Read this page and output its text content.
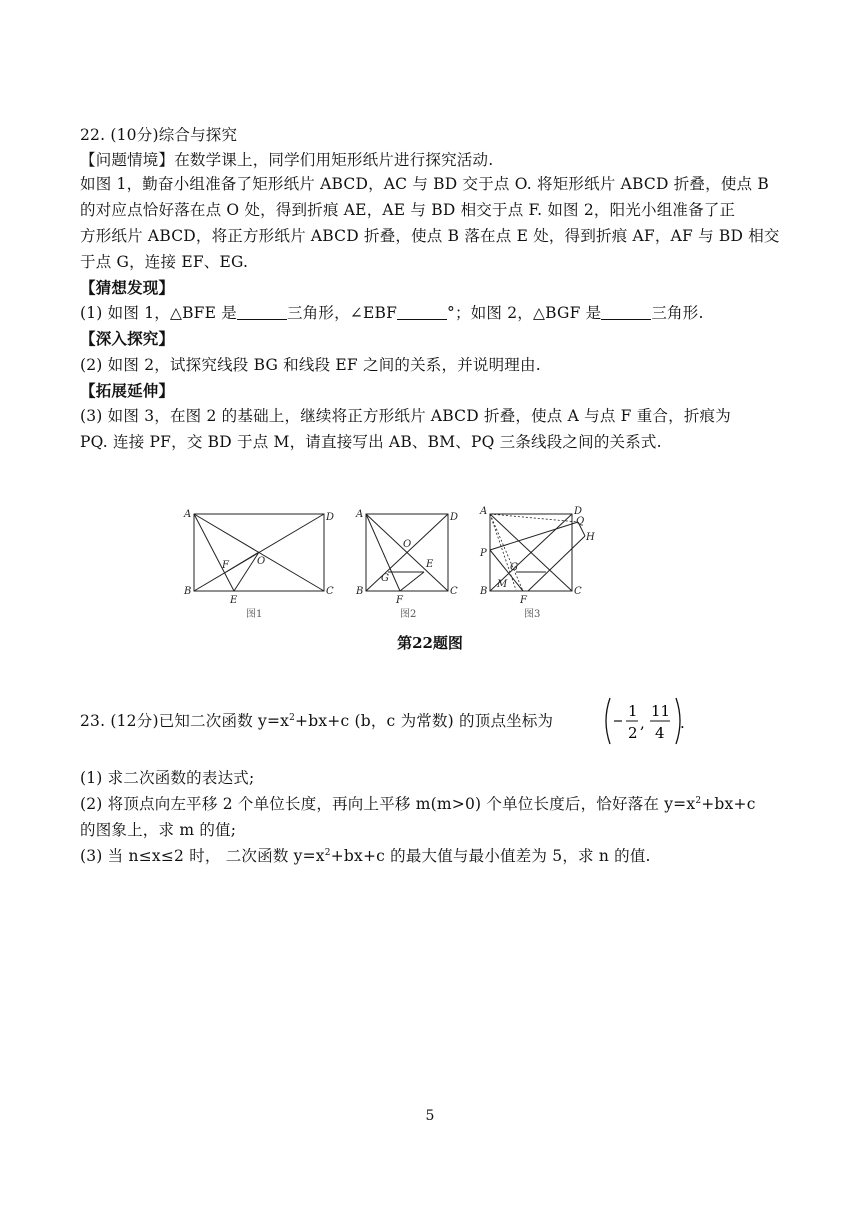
22. (10分)综合与探究
【问题情境】在数学课上，同学们用矩形纸片进行探究活动.
如图 1，勤奋小组准备了矩形纸片 ABCD，AC 与 BD 交于点 O. 将矩形纸片 ABCD 折叠，使点 B
的对应点恰好落在点 O 处，得到折痕 AE，AE 与 BD 相交于点 F. 如图 2，阳光小组准备了正
方形纸片 ABCD，将正方形纸片 ABCD 折叠，使点 B 落在点 E 处，得到折痕 AF，AF 与 BD 相交
于点 G，连接 EF、EG.
【猜想发现】
(1) 如图 1，△BFE 是	三角形，∠EBF	°；如图 2，△BGF 是	三角形.
【深入探究】
(2) 如图 2，试探究线段 BG 和线段 EF 之间的关系，并说明理由.
【拓展延伸】
(3) 如图 3，在图 2 的基础上，继续将正方形纸片 ABCD 折叠，使点 A 与点 F 重合，折痕为
PQ. 连接 PF，交 BD 于点 M，请直接写出 AB、BM、PQ 三条线段之间的关系式.
A	D
B	C
O
F
E
图1
A	D
B	C
O
E
G
F
图2
A	D
Q
H
P
G
M
B	C
F
图3
第22题图
23. (12分)已知二次函数 $y=x^2+bx+c$ (b，c 为常数) 的顶点坐标为
1
2
,
11
4
.
(1) 求二次函数的表达式;
(2) 将顶点向左平移 2 个单位长度，再向上平移 m(m>0) 个单位长度后，恰好落在 $y=x^2+bx+c$
的图象上，求 m 的值;
(3) 当 n≤x≤2 时， 二次函数 $y=x^2+bx+c$ 的最大值与最小值差为 5，求 n 的值.
5
